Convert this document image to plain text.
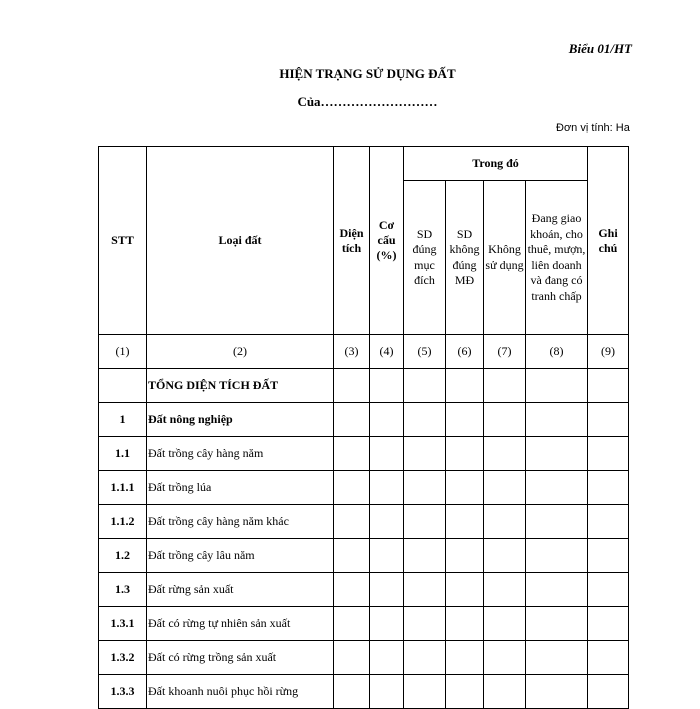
Biểu 01/HT
HIỆN TRẠNG SỬ DỤNG ĐẤT
Của………………………
Đơn vị tính: Ha
STT	Loại đất	Diện tích	Cơ cấu (%)	Trong đó				Ghi chú
				SD đúng mục đích	SD không đúng MĐ	Không sử dụng	Đang giao khoán, cho thuê, mượn, liên doanh và đang có tranh chấp	
(1)	(2)	(3)	(4)	(5)	(6)	(7)	(8)	(9)
	TỔNG DIỆN TÍCH ĐẤT							
1	Đất nông nghiệp							
1.1	Đất trồng cây hàng năm							
1.1.1	Đất trồng lúa							
1.1.2	Đất trồng cây hàng năm khác							
1.2	Đất trồng cây lâu năm							
1.3	Đất rừng sản xuất							
1.3.1	Đất có rừng tự nhiên sản xuất							
1.3.2	Đất có rừng trồng sản xuất							
1.3.3	Đất khoanh nuôi phục hồi rừng							
